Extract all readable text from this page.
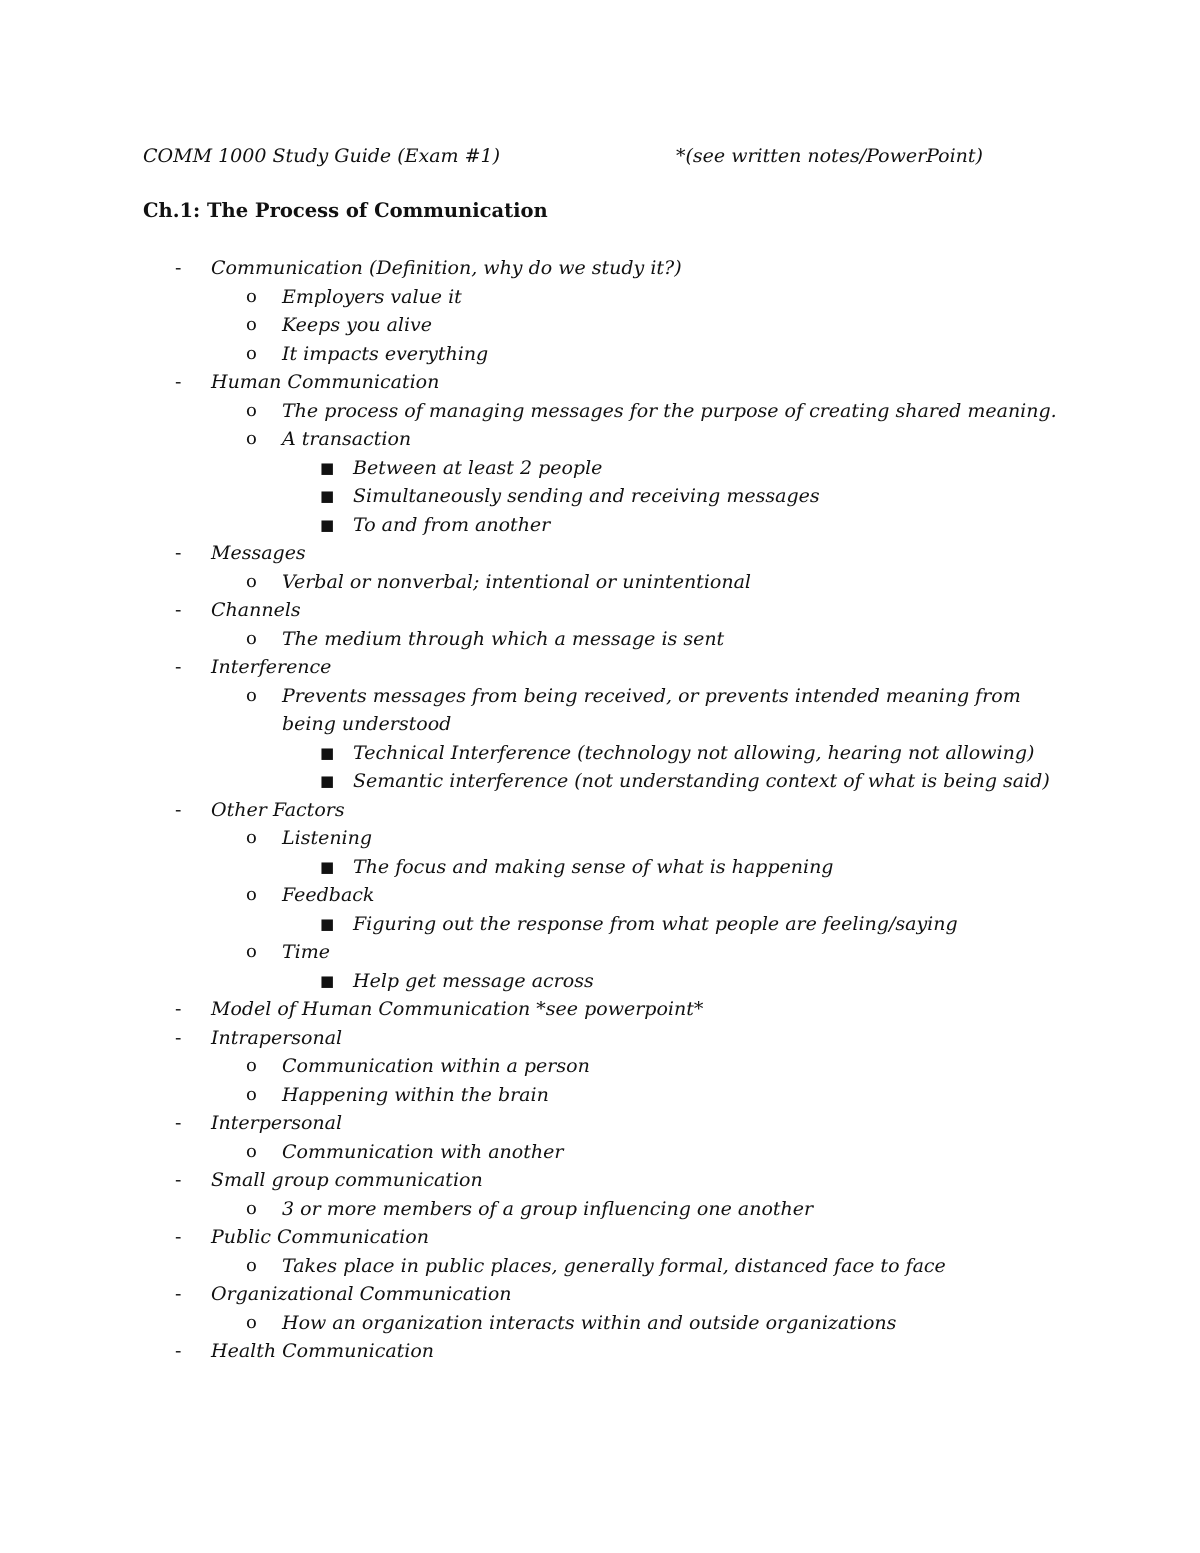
COMM 1000 Study Guide (Exam #1)	*(see written notes/PowerPoint)
Ch.1: The Process of Communication
- Communication (Definition, why do we study it?)
o Employers value it
o Keeps you alive
o It impacts everything
- Human Communication
o The process of managing messages for the purpose of creating shared meaning.
o A transaction
■ Between at least 2 people
■ Simultaneously sending and receiving messages
■ To and from another
- Messages
o Verbal or nonverbal; intentional or unintentional
- Channels
o The medium through which a message is sent
- Interference
o Prevents messages from being received, or prevents intended meaning from
being understood
■ Technical Interference (technology not allowing, hearing not allowing)
■ Semantic interference (not understanding context of what is being said)
- Other Factors
o Listening
■ The focus and making sense of what is happening
o Feedback
■ Figuring out the response from what people are feeling/saying
o Time
■ Help get message across
- Model of Human Communication *see powerpoint*
- Intrapersonal
o Communication within a person
o Happening within the brain
- Interpersonal
o Communication with another
- Small group communication
o 3 or more members of a group influencing one another
- Public Communication
o Takes place in public places, generally formal, distanced face to face
- Organizational Communication
o How an organization interacts within and outside organizations
- Health Communication
